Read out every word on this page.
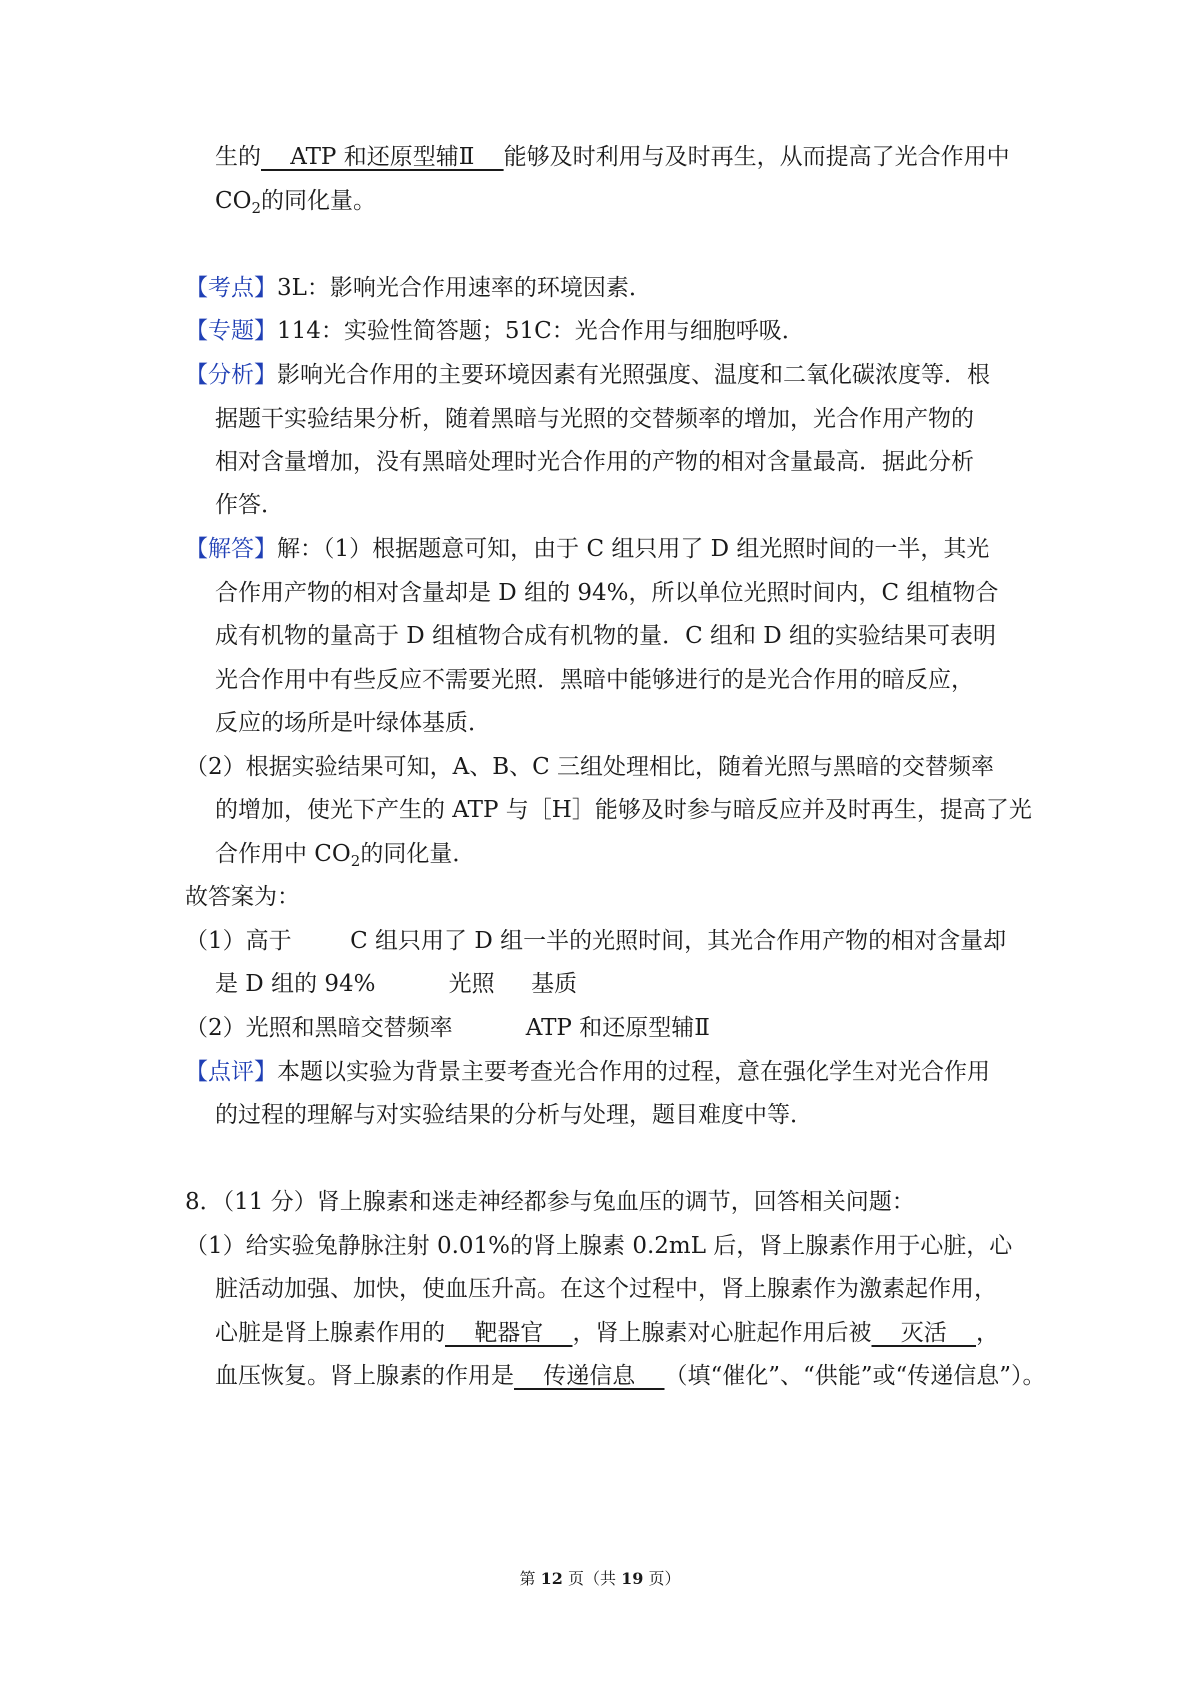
生的    ATP 和还原型辅Ⅱ    能够及时利用与及时再生，从而提高了光合作用中
$CO_2$的同化量。
【考点】3L：影响光合作用速率的环境因素．
【专题】114：实验性简答题；51C：光合作用与细胞呼吸．
【分析】影响光合作用的主要环境因素有光照强度、温度和二氧化碳浓度等．根
据题干实验结果分析，随着黑暗与光照的交替频率的增加，光合作用产物的
相对含量增加，没有黑暗处理时光合作用的产物的相对含量最高．据此分析
作答．
【解答】解：（1）根据题意可知，由于 C 组只用了 D 组光照时间的一半，其光
合作用产物的相对含量却是 D 组的 94%，所以单位光照时间内，C 组植物合
成有机物的量高于 D 组植物合成有机物的量．C 组和 D 组的实验结果可表明
光合作用中有些反应不需要光照．黑暗中能够进行的是光合作用的暗反应，
反应的场所是叶绿体基质．
（2）根据实验结果可知，A、B、C 三组处理相比，随着光照与黑暗的交替频率
的增加，使光下产生的 ATP 与［H］能够及时参与暗反应并及时再生，提高了光
合作用中 $CO_2$的同化量．
故答案为：
（1）高于        C 组只用了 D 组一半的光照时间，其光合作用产物的相对含量却
是 D 组的 94%          光照     基质
（2）光照和黑暗交替频率          ATP 和还原型辅Ⅱ
【点评】本题以实验为背景主要考查光合作用的过程，意在强化学生对光合作用
的过程的理解与对实验结果的分析与处理，题目难度中等．
8．（11 分）肾上腺素和迷走神经都参与兔血压的调节，回答相关问题：
（1）给实验兔静脉注射 0.01%的肾上腺素 0.2mL 后，肾上腺素作用于心脏，心
脏活动加强、加快，使血压升高。在这个过程中，肾上腺素作为激素起作用，
心脏是肾上腺素作用的    靶器官    ，肾上腺素对心脏起作用后被    灭活    ，
血压恢复。肾上腺素的作用是    传递信息    （填“催化”、“供能”或“传递信息”）。
第 12 页（共 19 页）
